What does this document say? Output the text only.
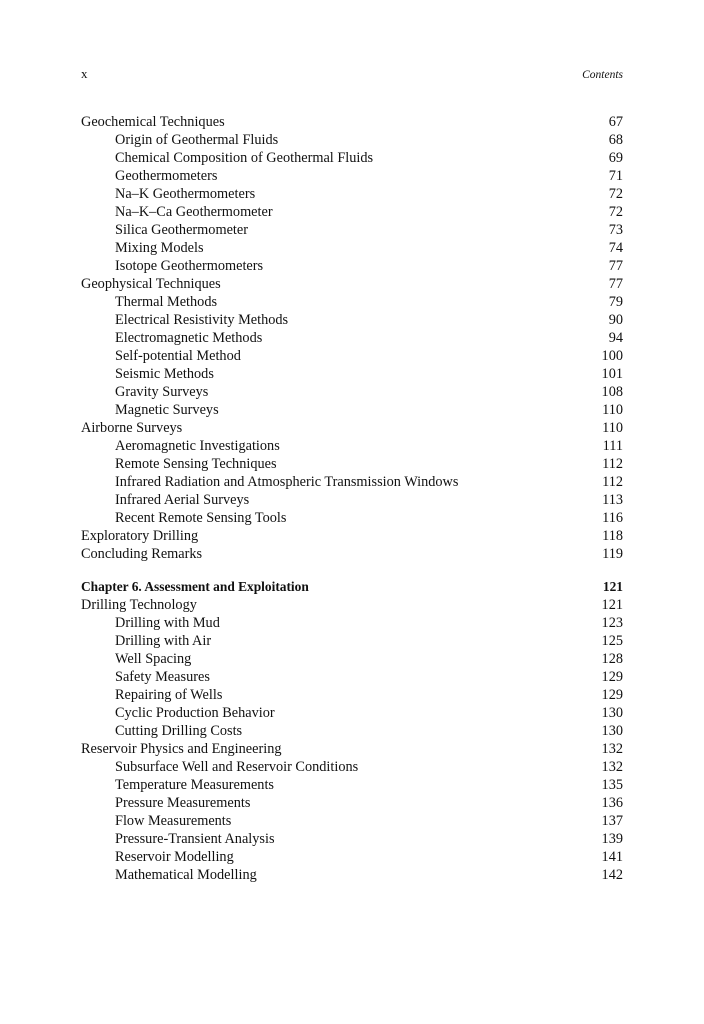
x	Contents
Geochemical Techniques	67
Origin of Geothermal Fluids	68
Chemical Composition of Geothermal Fluids	69
Geothermometers	71
Na–K Geothermometers	72
Na–K–Ca Geothermometer	72
Silica Geothermometer	73
Mixing Models	74
Isotope Geothermometers	77
Geophysical Techniques	77
Thermal Methods	79
Electrical Resistivity Methods	90
Electromagnetic Methods	94
Self-potential Method	100
Seismic Methods	101
Gravity Surveys	108
Magnetic Surveys	110
Airborne Surveys	110
Aeromagnetic Investigations	111
Remote Sensing Techniques	112
Infrared Radiation and Atmospheric Transmission Windows	112
Infrared Aerial Surveys	113
Recent Remote Sensing Tools	116
Exploratory Drilling	118
Concluding Remarks	119
Chapter 6. Assessment and Exploitation	121
Drilling Technology	121
Drilling with Mud	123
Drilling with Air	125
Well Spacing	128
Safety Measures	129
Repairing of Wells	129
Cyclic Production Behavior	130
Cutting Drilling Costs	130
Reservoir Physics and Engineering	132
Subsurface Well and Reservoir Conditions	132
Temperature Measurements	135
Pressure Measurements	136
Flow Measurements	137
Pressure-Transient Analysis	139
Reservoir Modelling	141
Mathematical Modelling	142
